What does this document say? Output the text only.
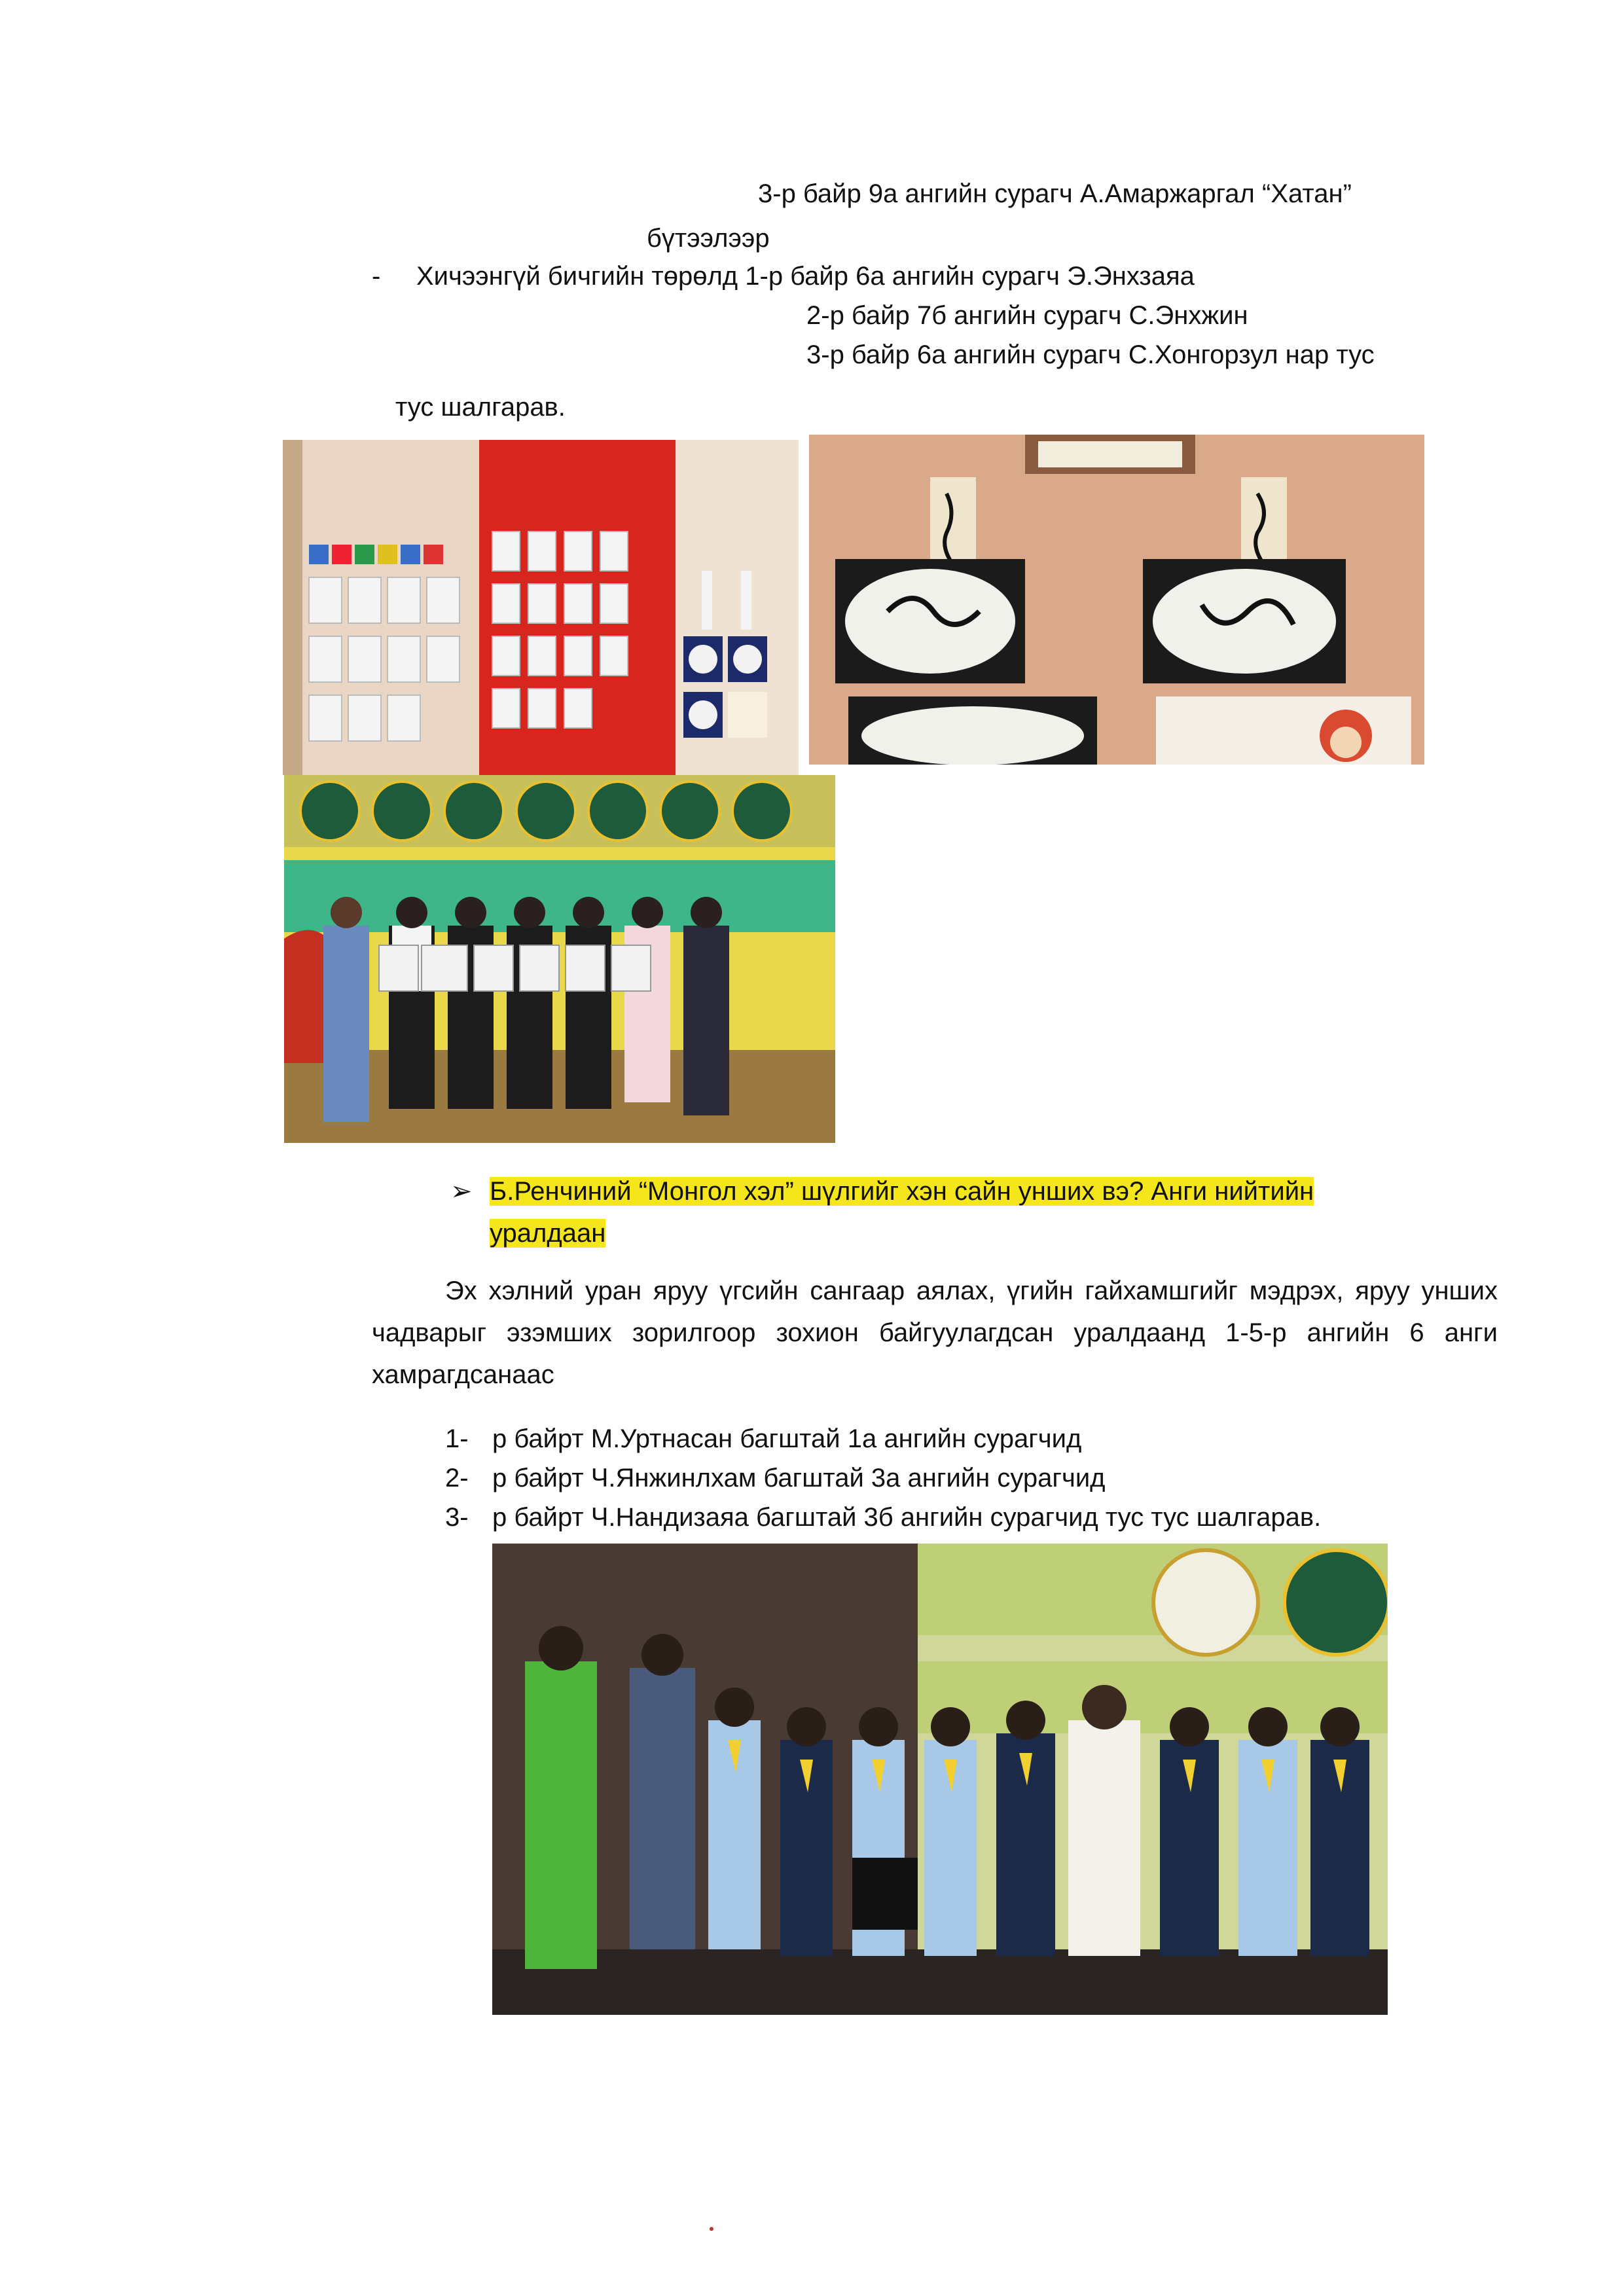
3-р байр 9а ангийн сурагч А.Амаржаргал “Хатан”
бүтээлээр
- Хичээнгүй бичгийн төрөлд 1-р байр 6а ангийн сурагч Э.Энхзаяа
2-р байр 7б ангийн сурагч С.Энхжин
3-р байр 6а ангийн сурагч С.Хонгорзул нар тус
тус шалгарав.
➢ Б.Ренчиний “Монгол хэл” шүлгийг хэн сайн унших вэ? Анги нийтийн
уралдаан
Эх хэлний уран яруу үгсийн сангаар аялах, үгийн гайхамшгийг мэдрэх, яруу унших чадварыг эзэмших зорилгоор зохион байгуулагдсан уралдаанд 1-5-р ангийн 6 анги хамрагдсанаас
1- р байрт М.Уртнасан багштай 1а ангийн сурагчид
2- р байрт Ч.Янжинлхам багштай 3а ангийн сурагчид
3- р байрт Ч.Нандизаяа багштай 3б ангийн сурагчид тус тус шалгарав.
